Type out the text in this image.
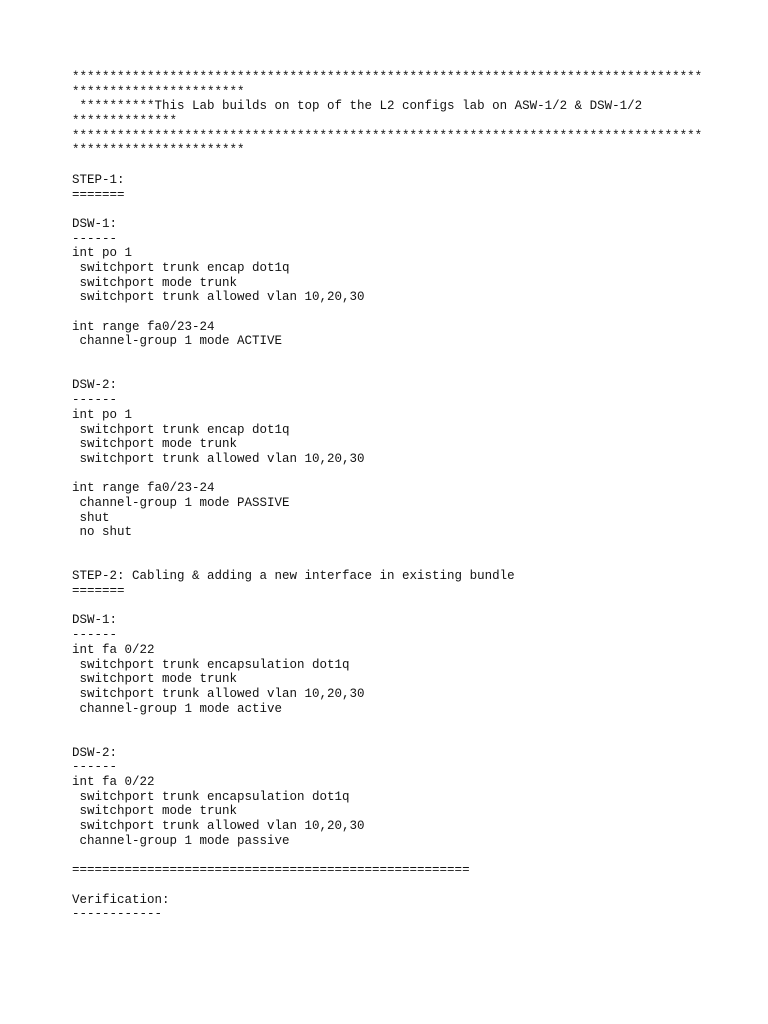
************************************************************************************
***********************
**********This Lab builds on top of the L2 configs lab on ASW-1/2 & DSW-1/2
**************
************************************************************************************
***********************
STEP-1:
=======
DSW-1:
------
int po 1
switchport trunk encap dot1q
switchport mode trunk
switchport trunk allowed vlan 10,20,30
int range fa0/23-24
channel-group 1 mode ACTIVE
DSW-2:
------
int po 1
switchport trunk encap dot1q
switchport mode trunk
switchport trunk allowed vlan 10,20,30
int range fa0/23-24
channel-group 1 mode PASSIVE
shut
no shut
STEP-2: Cabling & adding a new interface in existing bundle
=======
DSW-1:
------
int fa 0/22
switchport trunk encapsulation dot1q
switchport mode trunk
switchport trunk allowed vlan 10,20,30
channel-group 1 mode active
DSW-2:
------
int fa 0/22
switchport trunk encapsulation dot1q
switchport mode trunk
switchport trunk allowed vlan 10,20,30
channel-group 1 mode passive
=====================================================
Verification:
------------
